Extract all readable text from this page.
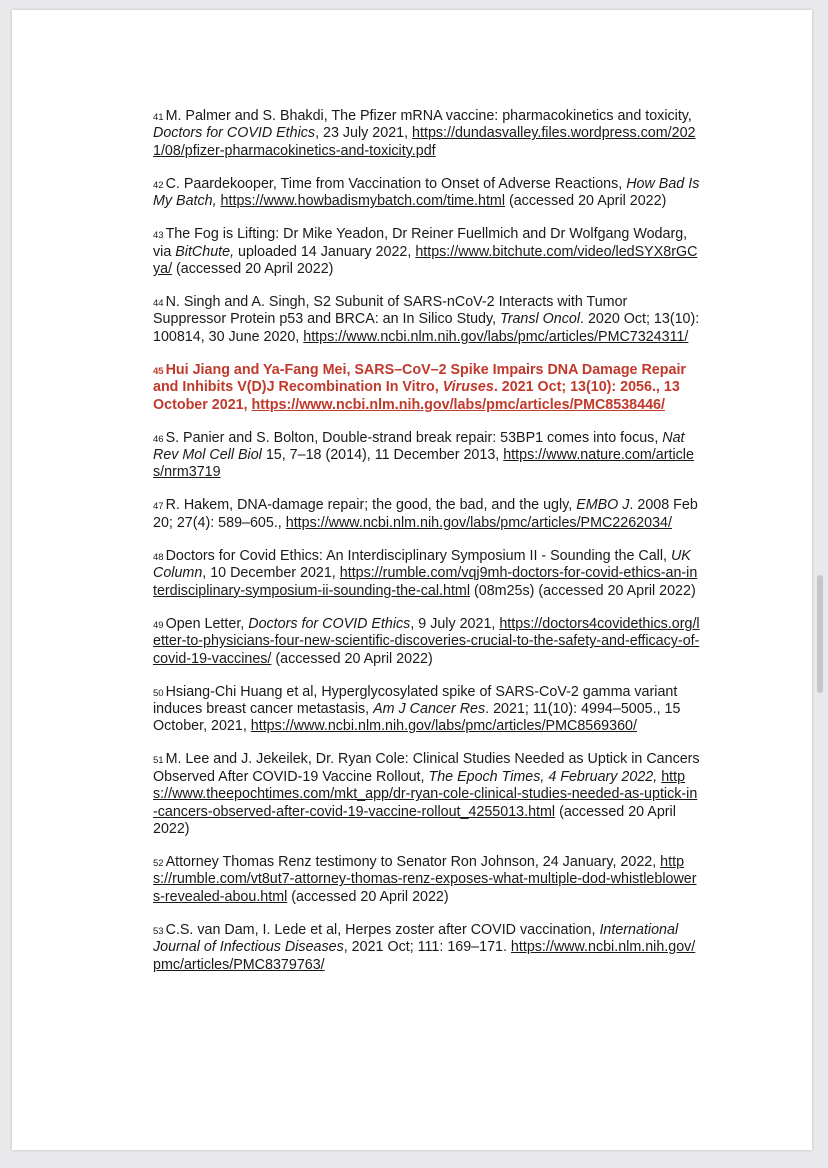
$^{41}$ M. Palmer and S. Bhakdi, The Pfizer mRNA vaccine: pharmacokinetics and toxicity, Doctors for COVID Ethics, 23 July 2021, https://dundasvalley.files.wordpress.com/2021/08/pfizer-pharmacokinetics-and-toxicity.pdf

$^{42}$ C. Paardekooper, Time from Vaccination to Onset of Adverse Reactions, How Bad Is My Batch, https://www.howbadismybatch.com/time.html (accessed 20 April 2022)

$^{43}$ The Fog is Lifting: Dr Mike Yeadon, Dr Reiner Fuellmich and Dr Wolfgang Wodarg, via BitChute, uploaded 14 January 2022, https://www.bitchute.com/video/ledSYX8rGCya/ (accessed 20 April 2022)

$^{44}$ N. Singh and A. Singh, S2 Subunit of SARS-nCoV-2 Interacts with Tumor Suppressor Protein p53 and BRCA: an In Silico Study, Transl Oncol. 2020 Oct; 13(10): 100814, 30 June 2020, https://www.ncbi.nlm.nih.gov/labs/pmc/articles/PMC7324311/

$^{45}$ Hui Jiang and Ya-Fang Mei, SARS–CoV–2 Spike Impairs DNA Damage Repair and Inhibits V(D)J Recombination In Vitro, Viruses. 2021 Oct; 13(10): 2056., 13 October 2021, https://www.ncbi.nlm.nih.gov/labs/pmc/articles/PMC8538446/

$^{46}$ S. Panier and S. Bolton, Double-strand break repair: 53BP1 comes into focus, Nat Rev Mol Cell Biol 15, 7–18 (2014), 11 December 2013, https://www.nature.com/articles/nrm3719

$^{47}$ R. Hakem, DNA-damage repair; the good, the bad, and the ugly, EMBO J. 2008 Feb 20; 27(4): 589–605., https://www.ncbi.nlm.nih.gov/labs/pmc/articles/PMC2262034/

$^{48}$ Doctors for Covid Ethics: An Interdisciplinary Symposium II - Sounding the Call, UK Column, 10 December 2021, https://rumble.com/vqj9mh-doctors-for-covid-ethics-an-interdisciplinary-symposium-ii-sounding-the-cal.html (08m25s) (accessed 20 April 2022)

$^{49}$ Open Letter, Doctors for COVID Ethics, 9 July 2021, https://doctors4covidethics.org/letter-to-physicians-four-new-scientific-discoveries-crucial-to-the-safety-and-efficacy-of-covid-19-vaccines/ (accessed 20 April 2022)

$^{50}$ Hsiang-Chi Huang et al, Hyperglycosylated spike of SARS-CoV-2 gamma variant induces breast cancer metastasis, Am J Cancer Res. 2021; 11(10): 4994–5005., 15 October, 2021, https://www.ncbi.nlm.nih.gov/labs/pmc/articles/PMC8569360/

$^{51}$ M. Lee and J. Jekeilek, Dr. Ryan Cole: Clinical Studies Needed as Uptick in Cancers Observed After COVID-19 Vaccine Rollout, The Epoch Times, 4 February 2022, https://www.theepochtimes.com/mkt_app/dr-ryan-cole-clinical-studies-needed-as-uptick-in-cancers-observed-after-covid-19-vaccine-rollout_4255013.html (accessed 20 April 2022)

$^{52}$ Attorney Thomas Renz testimony to Senator Ron Johnson, 24 January, 2022, https://rumble.com/vt8ut7-attorney-thomas-renz-exposes-what-multiple-dod-whistleblowers-revealed-abou.html (accessed 20 April 2022)

$^{53}$ C.S. van Dam, I. Lede et al, Herpes zoster after COVID vaccination, International Journal of Infectious Diseases, 2021 Oct; 111: 169–171. https://www.ncbi.nlm.nih.gov/pmc/articles/PMC8379763/
